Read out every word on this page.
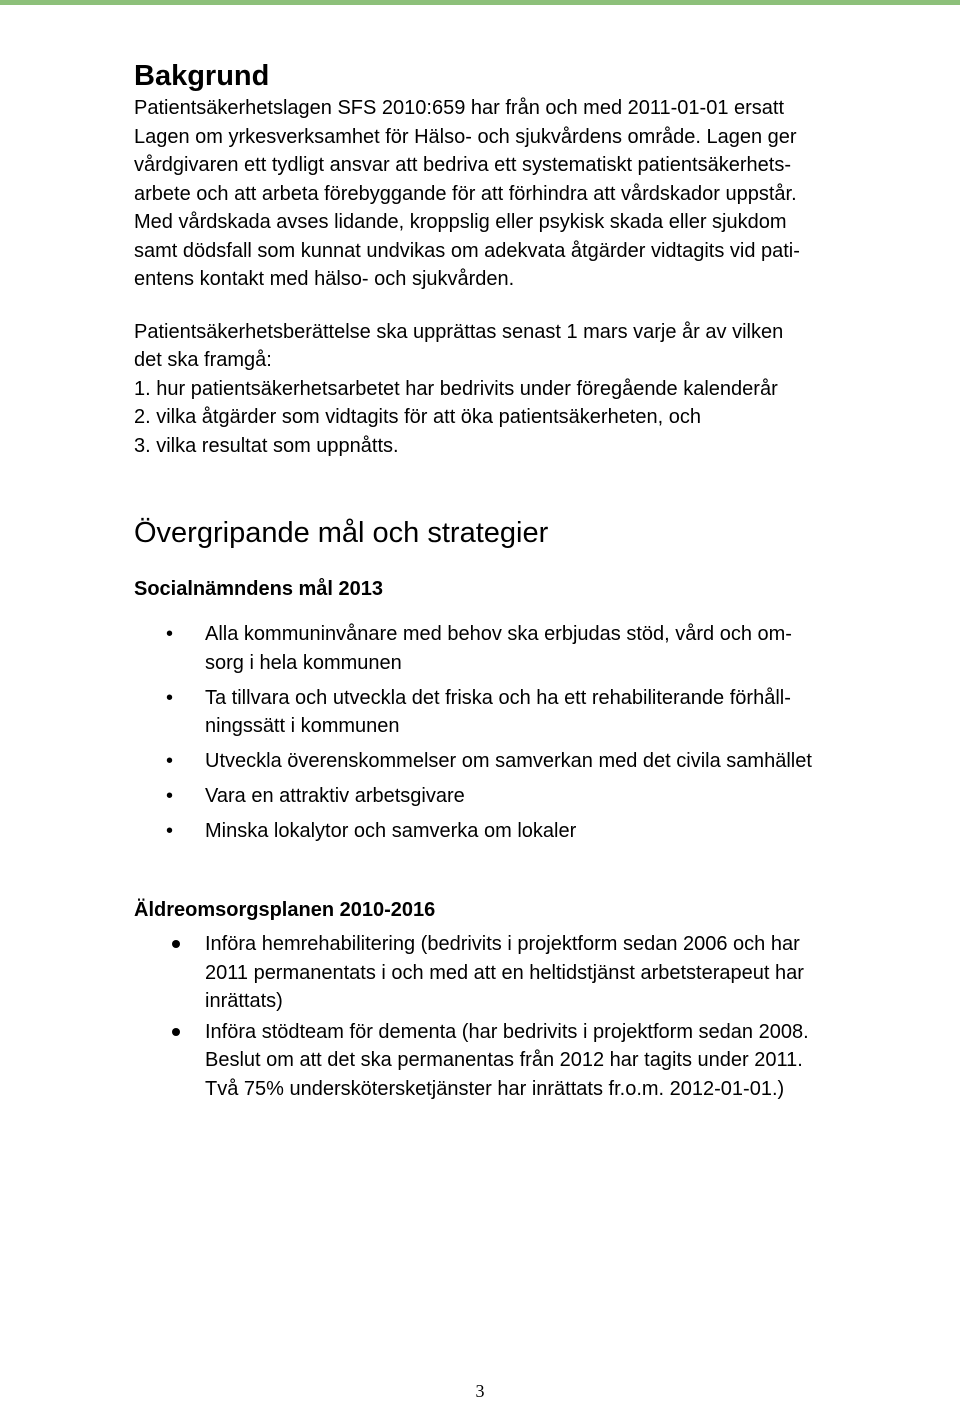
Bakgrund
Patientsäkerhetslagen SFS 2010:659 har från och med 2011-01-01 ersatt
Lagen om yrkesverksamhet för Hälso- och sjukvårdens område. Lagen ger
vårdgivaren ett tydligt ansvar att bedriva ett systematiskt patientsäkerhets-
arbete och att arbeta förebyggande för att förhindra att vårdskador uppstår.
Med vårdskada avses lidande, kroppslig eller psykisk skada eller sjukdom
samt dödsfall som kunnat undvikas om adekvata åtgärder vidtagits vid pati-
entens kontakt med hälso- och sjukvården.
Patientsäkerhetsberättelse ska upprättas senast 1 mars varje år av vilken
det ska framgå:
1. hur patientsäkerhetsarbetet har bedrivits under föregående kalenderår
2. vilka åtgärder som vidtagits för att öka patientsäkerheten, och
3. vilka resultat som uppnåtts.
Övergripande mål och strategier
Socialnämndens mål 2013
• Alla kommuninvånare med behov ska erbjudas stöd, vård och om-
sorg i hela kommunen
• Ta tillvara och utveckla det friska och ha ett rehabiliterande förhåll-
ningssätt i kommunen
• Utveckla överenskommelser om samverkan med det civila samhället
• Vara en attraktiv arbetsgivare
• Minska lokalytor och samverka om lokaler
Äldreomsorgsplanen 2010-2016
Införa hemrehabilitering (bedrivits i projektform sedan 2006 och har
2011 permanentats i och med att en heltidstjänst arbetsterapeut har
inrättats)
Införa stödteam för dementa (har bedrivits i projektform sedan 2008.
Beslut om att det ska permanentas från 2012 har tagits under 2011.
Två 75% underskötersketjänster har inrättats fr.o.m. 2012-01-01.)
3
